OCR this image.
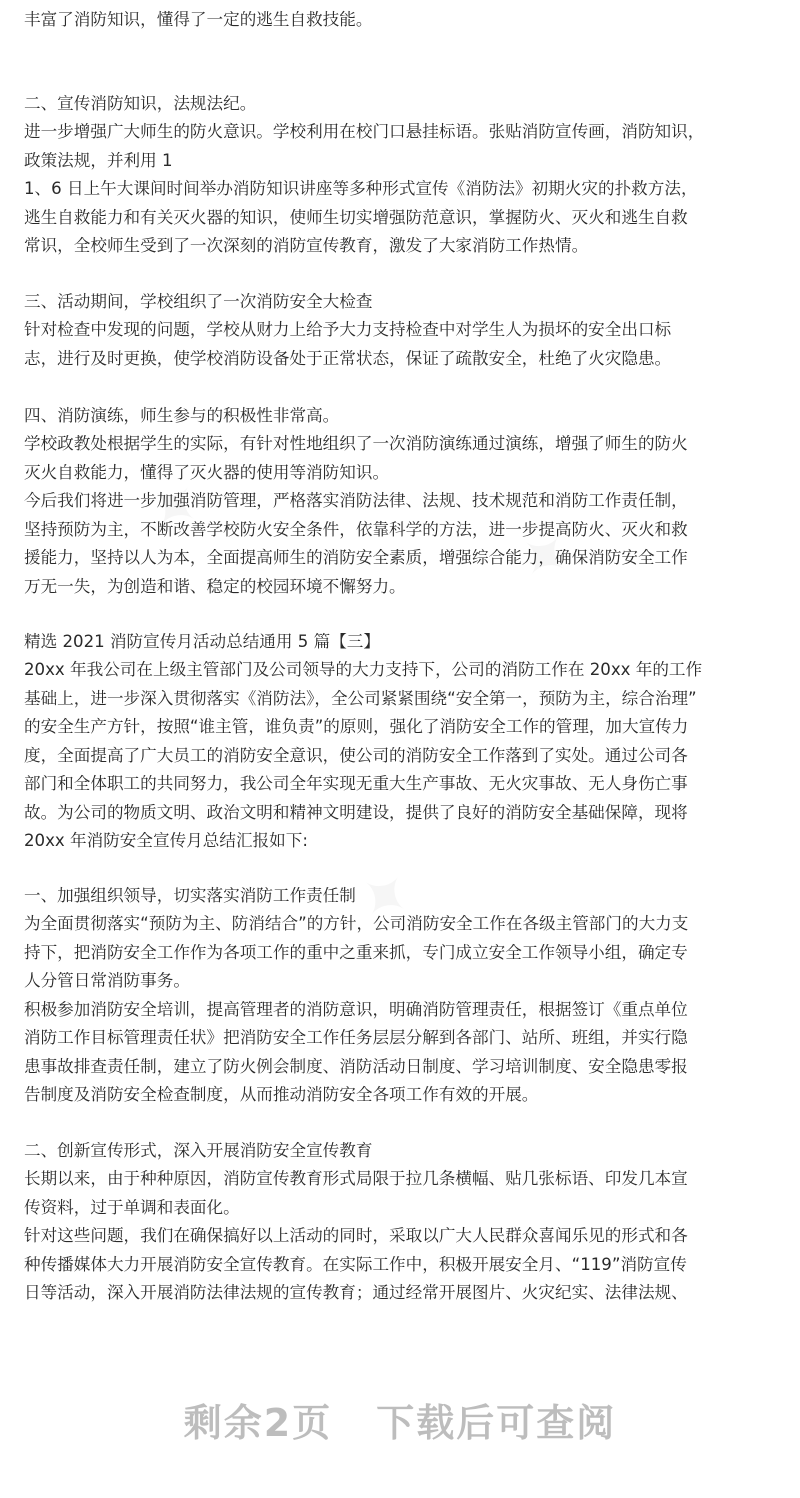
丰富了消防知识，懂得了一定的逃生自救技能。
二、宣传消防知识，法规法纪。
进一步增强广大师生的防火意识。学校利用在校门口悬挂标语。张贴消防宣传画，消防知识，
政策法规，并利用 1
1、6 日上午大课间时间举办消防知识讲座等多种形式宣传《消防法》初期火灾的扑救方法，
逃生自救能力和有关灭火器的知识，使师生切实增强防范意识，掌握防火、灭火和逃生自救
常识，全校师生受到了一次深刻的消防宣传教育，激发了大家消防工作热情。
三、活动期间，学校组织了一次消防安全大检查
针对检查中发现的问题，学校从财力上给予大力支持检查中对学生人为损坏的安全出口标
志，进行及时更换，使学校消防设备处于正常状态，保证了疏散安全，杜绝了火灾隐患。
四、消防演练，师生参与的积极性非常高。
学校政教处根据学生的实际，有针对性地组织了一次消防演练通过演练，增强了师生的防火
灭火自救能力，懂得了灭火器的使用等消防知识。
今后我们将进一步加强消防管理，严格落实消防法律、法规、技术规范和消防工作责任制，
坚持预防为主，不断改善学校防火安全条件，依靠科学的方法，进一步提高防火、灭火和救
援能力，坚持以人为本，全面提高师生的消防安全素质，增强综合能力，确保消防安全工作
万无一失，为创造和谐、稳定的校园环境不懈努力。
精选 2021 消防宣传月活动总结通用 5 篇【三】
20xx 年我公司在上级主管部门及公司领导的大力支持下，公司的消防工作在 20xx 年的工作
基础上，进一步深入贯彻落实《消防法》，全公司紧紧围绕“安全第一，预防为主，综合治理”
的安全生产方针，按照“谁主管，谁负责”的原则，强化了消防安全工作的管理，加大宣传力
度，全面提高了广大员工的消防安全意识，使公司的消防安全工作落到了实处。通过公司各
部门和全体职工的共同努力，我公司全年实现无重大生产事故、无火灾事故、无人身伤亡事
故。为公司的物质文明、政治文明和精神文明建设，提供了良好的消防安全基础保障，现将
20xx 年消防安全宣传月总结汇报如下:
一、加强组织领导，切实落实消防工作责任制
为全面贯彻落实“预防为主、防消结合”的方针，公司消防安全工作在各级主管部门的大力支
持下，把消防安全工作作为各项工作的重中之重来抓，专门成立安全工作领导小组，确定专
人分管日常消防事务。
积极参加消防安全培训，提高管理者的消防意识，明确消防管理责任，根据签订《重点单位
消防工作目标管理责任状》把消防安全工作任务层层分解到各部门、站所、班组，并实行隐
患事故排查责任制，建立了防火例会制度、消防活动日制度、学习培训制度、安全隐患零报
告制度及消防安全检查制度，从而推动消防安全各项工作有效的开展。
二、创新宣传形式，深入开展消防安全宣传教育
长期以来，由于种种原因，消防宣传教育形式局限于拉几条横幅、贴几张标语、印发几本宣
传资料，过于单调和表面化。
针对这些问题，我们在确保搞好以上活动的同时，采取以广大人民群众喜闻乐见的形式和各
种传播媒体大力开展消防安全宣传教育。在实际工作中，积极开展安全月、“119”消防宣传
日等活动，深入开展消防法律法规的宣传教育；通过经常开展图片、火灾纪实、法律法规、
剩余2页 下载后可查阅
